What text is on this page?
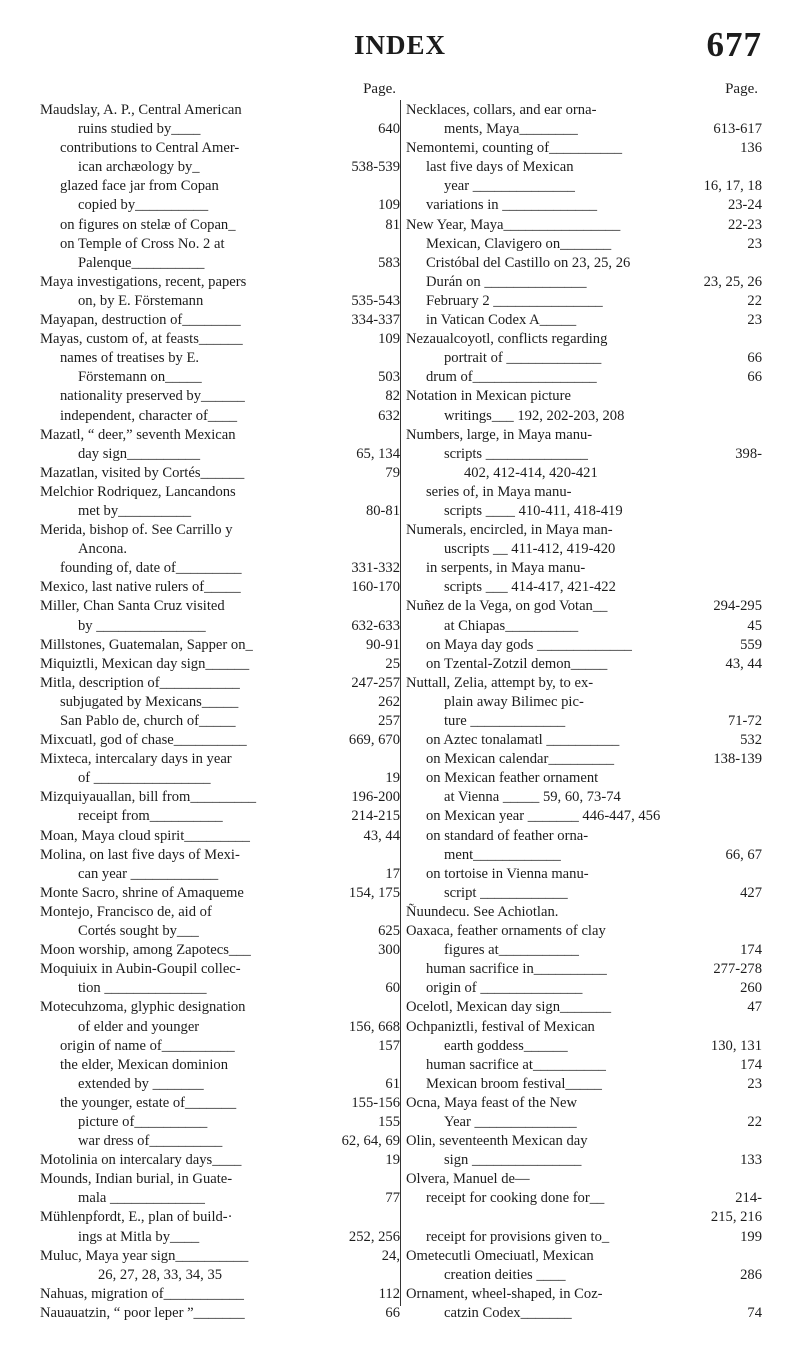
INDEX	677
Page.
Maudslay, A. P., Central American
ruins studied by____	640
contributions to Central Amer-
ican archæology by_	538-539
glazed face jar from Copan
copied by__________	109
on figures on stelæ of Copan_	81
on Temple of Cross No. 2 at
Palenque__________	583
Maya investigations, recent, papers
on, by E. Förstemann	535-543
Mayapan, destruction of________	334-337
Mayas, custom of, at feasts______	109
names of treatises by E.
Förstemann on_____	503
nationality preserved by______	82
independent, character of____	632
Mazatl, “ deer,” seventh Mexican
day sign__________	65, 134
Mazatlan, visited by Cortés______	79
Melchior Rodriquez, Lancandons
met by__________	80-81
Merida, bishop of. See Carrillo y
Ancona.
founding of, date of_________	331-332
Mexico, last native rulers of_____	160-170
Miller, Chan Santa Cruz visited
by _______________	632-633
Millstones, Guatemalan, Sapper on_	90-91
Miquiztli, Mexican day sign______	25
Mitla, description of___________	247-257
subjugated by Mexicans_____	262
San Pablo de, church of_____	257
Mixcuatl, god of chase__________	669, 670
Mixteca, intercalary days in year
of ________________	19
Mizquiyauallan, bill from_________	196-200
receipt from__________	214-215
Moan, Maya cloud spirit_________	43, 44
Molina, on last five days of Mexi-
can year ____________	17
Monte Sacro, shrine of Amaqueme	154, 175
Montejo, Francisco de, aid of
Cortés sought by___	625
Moon worship, among Zapotecs___	300
Moquiuix in Aubin-Goupil collec-
tion ______________	60
Motecuhzoma, glyphic designation
of elder and younger	156, 668
origin of name of__________	157
the elder, Mexican dominion
extended by _______	61
the younger, estate of_______	155-156
picture of__________	155
war dress of__________	62, 64, 69
Motolinia on intercalary days____	19
Mounds, Indian burial, in Guate-
mala _____________	77
Mühlenpfordt, E., plan of build-·
ings at Mitla by____	252, 256
Muluc, Maya year sign__________	24,
26, 27, 28, 33, 34, 35
Nahuas, migration of___________	112
Nauauatzin, “ poor leper ”_______	66
Page.
Necklaces, collars, and ear orna-
ments, Maya________	613-617
Nemontemi, counting of__________	136
last five days of Mexican
year ______________	16, 17, 18
variations in _____________	23-24
New Year, Maya________________	22-23
Mexican, Clavigero on_______	23
Cristóbal del Castillo on 23, 25, 26
Durán on ______________	23, 25, 26
February 2 _______________	22
in Vatican Codex A_____	23
Nezaualcoyotl, conflicts regarding
portrait of _____________	66
drum of_________________	66
Notation in Mexican picture
writings___ 192, 202-203, 208
Numbers, large, in Maya manu-
scripts ______________	398-
402, 412-414, 420-421
series of, in Maya manu-
scripts ____ 410-411, 418-419
Numerals, encircled, in Maya man-
uscripts __ 411-412, 419-420
in serpents, in Maya manu-
scripts ___ 414-417, 421-422
Nuñez de la Vega, on god Votan__	294-295
at Chiapas__________	45
on Maya day gods _____________	559
on Tzental-Zotzil demon_____	43, 44
Nuttall, Zelia, attempt by, to ex-
plain away Bilimec pic-
ture _____________	71-72
on Aztec tonalamatl __________	532
on Mexican calendar_________	138-139
on Mexican feather ornament
at Vienna _____ 59, 60, 73-74
on Mexican year _______ 446-447, 456
on standard of feather orna-
ment____________	66, 67
on tortoise in Vienna manu-
script ____________	427
Ñuundecu. See Achiotlan.
Oaxaca, feather ornaments of clay
figures at___________	174
human sacrifice in__________	277-278
origin of ______________	260
Ocelotl, Mexican day sign_______	47
Ochpaniztli, festival of Mexican
earth goddess______	130, 131
human sacrifice at__________	174
Mexican broom festival_____	23
Ocna, Maya feast of the New
Year ______________	22
Olin, seventeenth Mexican day
sign _______________	133
Olvera, Manuel de—
receipt for cooking done for__	214-
215, 216
receipt for provisions given to_	199
Ometecutli Omeciuatl, Mexican
creation deities ____	286
Ornament, wheel-shaped, in Coz-
catzin Codex_______	74
